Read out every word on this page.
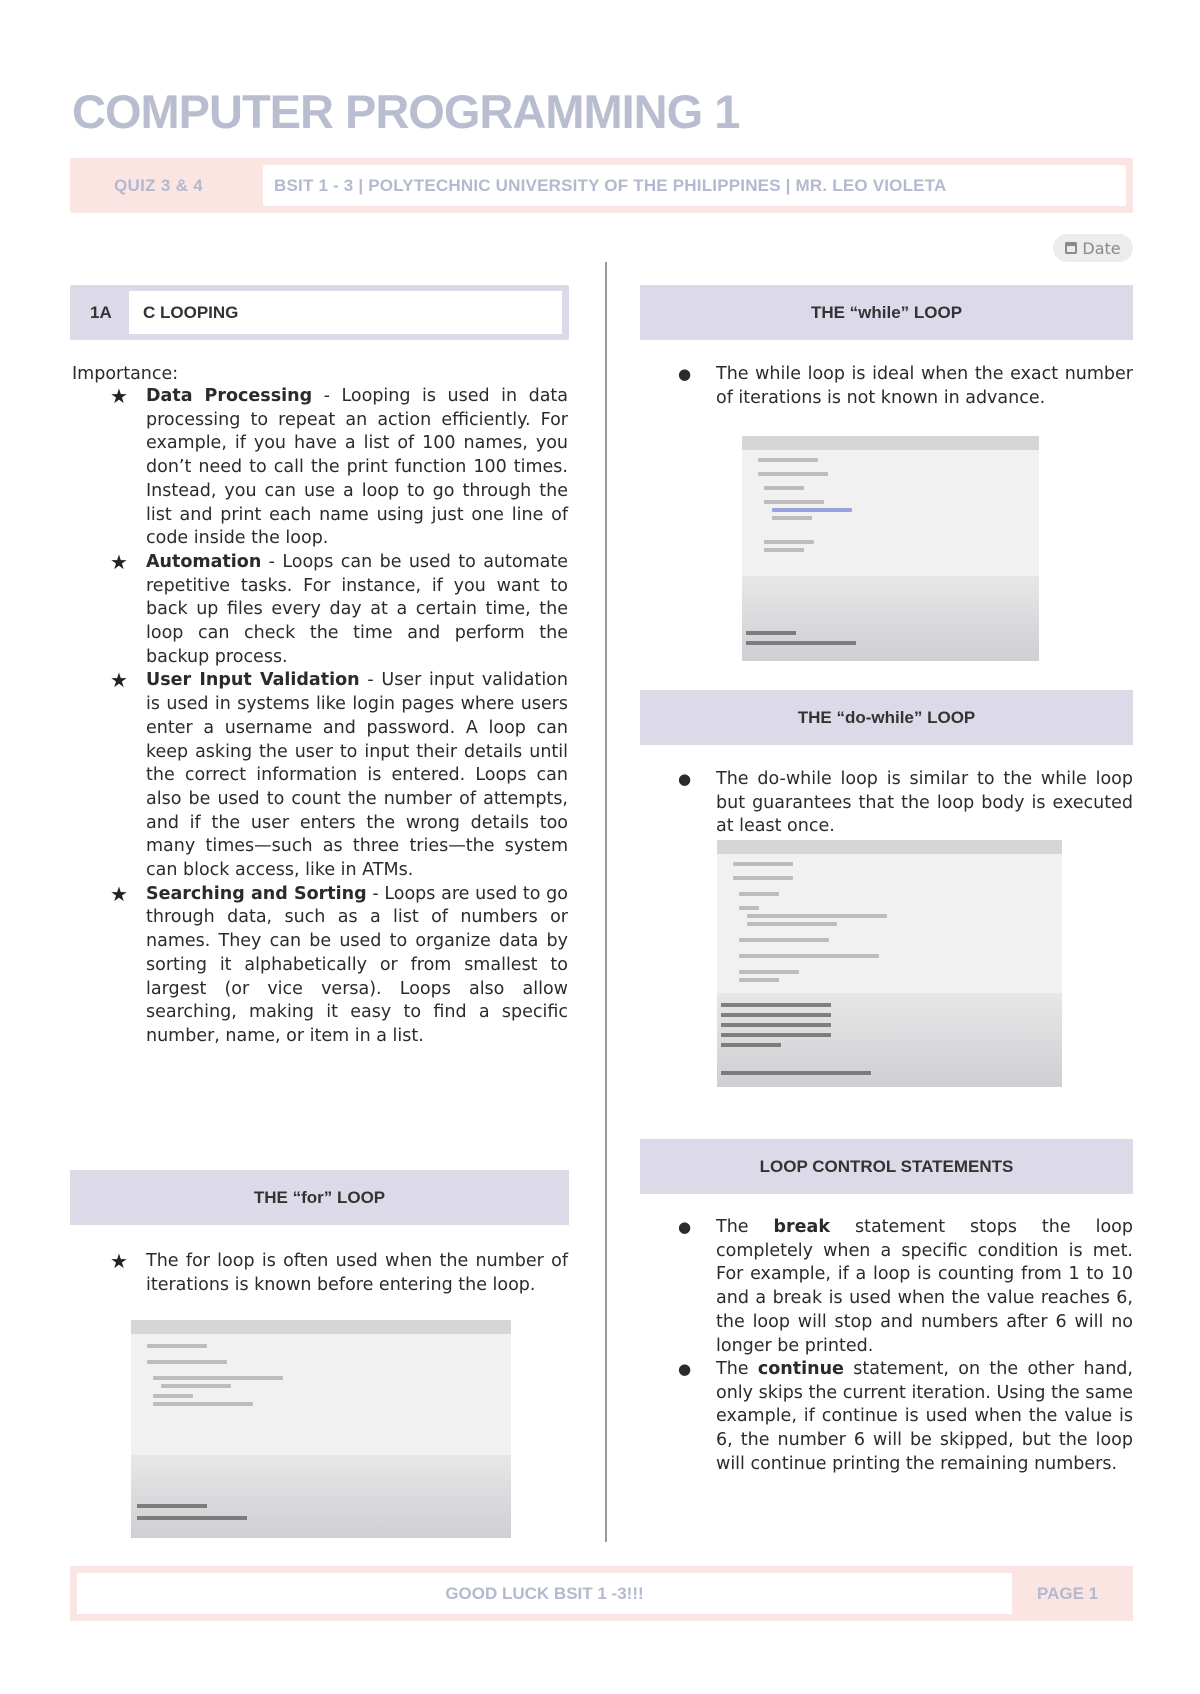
COMPUTER PROGRAMMING 1
QUIZ 3 & 4	BSIT 1 - 3 | POLYTECHNIC UNIVERSITY OF THE PHILIPPINES | MR. LEO VIOLETA
Date
1A C LOOPING
Importance:
★ Data Processing - Looping is used in data processing to repeat an action efficiently. For example, if you have a list of 100 names, you don’t need to call the print function 100 times. Instead, you can use a loop to go through the list and print each name using just one line of code inside the loop.
★ Automation - Loops can be used to automate repetitive tasks. For instance, if you want to back up files every day at a certain time, the loop can check the time and perform the backup process.
★ User Input Validation - User input validation is used in systems like login pages where users enter a username and password. A loop can keep asking the user to input their details until the correct information is entered. Loops can also be used to count the number of attempts, and if the user enters the wrong details too many times—such as three tries—the system can block access, like in ATMs.
★ Searching and Sorting - Loops are used to go through data, such as a list of numbers or names. They can be used to organize data by sorting it alphabetically or from smallest to largest (or vice versa). Loops also allow searching, making it easy to find a specific number, name, or item in a list.
THE “for” LOOP
★ The for loop is often used when the number of iterations is known before entering the loop.
THE “while” LOOP
● The while loop is ideal when the exact number of iterations is not known in advance.
THE “do-while” LOOP
● The do-while loop is similar to the while loop but guarantees that the loop body is executed at least once.
LOOP CONTROL STATEMENTS
● The break statement stops the loop completely when a specific condition is met. For example, if a loop is counting from 1 to 10 and a break is used when the value reaches 6, the loop will stop and numbers after 6 will no longer be printed.
● The continue statement, on the other hand, only skips the current iteration. Using the same example, if continue is used when the value is 6, the number 6 will be skipped, but the loop will continue printing the remaining numbers.
GOOD LUCK BSIT 1 -3!!!	PAGE 1
